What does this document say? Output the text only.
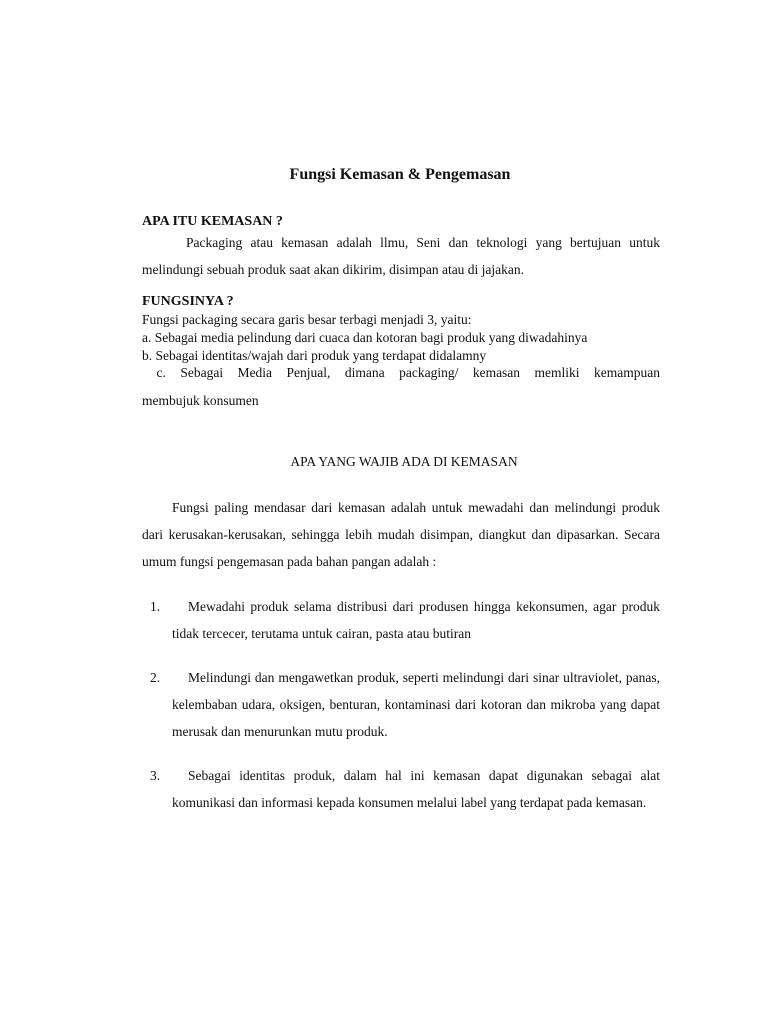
Fungsi Kemasan & Pengemasan
APA ITU KEMASAN ?

Packaging atau kemasan adalah llmu, Seni dan teknologi yang bertujuan untuk melindungi sebuah produk saat akan dikirim, disimpan atau di jajakan.

FUNGSINYA ?
Fungsi packaging secara garis besar terbagi menjadi 3, yaitu:
a. Sebagai media pelindung dari cuaca dan kotoran bagi produk yang diwadahinya
b. Sebagai identitas/wajah dari produk yang terdapat didalamny
c.  Sebagai  Media  Penjual,  dimana  packaging/  kemasan  memliki  kemampuan
membujuk konsumen
APA YANG WAJIB ADA DI KEMASAN

Fungsi paling mendasar dari kemasan adalah untuk mewadahi dan melindungi produk dari kerusakan-kerusakan, sehingga lebih mudah disimpan, diangkut dan dipasarkan. Secara umum fungsi pengemasan pada bahan pangan adalah :

1.	Mewadahi produk selama distribusi dari produsen hingga kekonsumen, agar produk tidak tercecer, terutama untuk cairan, pasta atau butiran

2.	Melindungi dan mengawetkan produk, seperti melindungi dari sinar ultraviolet, panas, kelembaban udara, oksigen, benturan, kontaminasi dari kotoran dan mikroba yang dapat merusak dan menurunkan mutu produk.

3.	Sebagai identitas produk, dalam hal ini kemasan dapat digunakan sebagai alat komunikasi dan informasi kepada konsumen melalui label yang terdapat pada kemasan.
